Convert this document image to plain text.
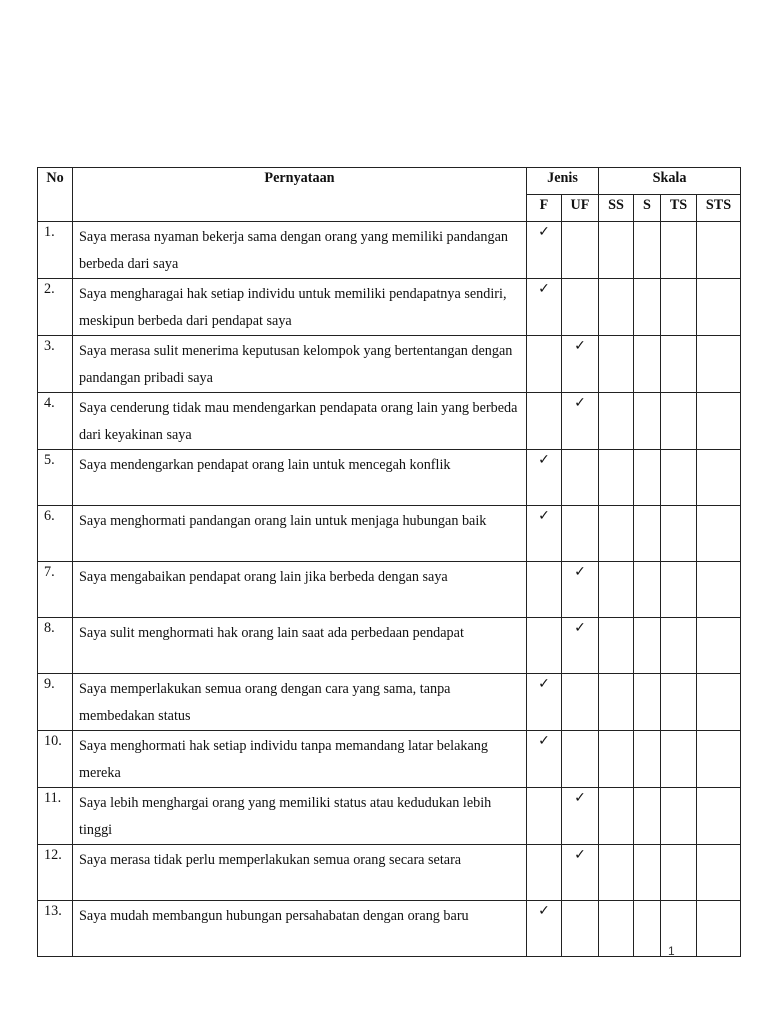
No	Pernyataan	Jenis		Skala			
		F	UF	SS	S	TS	STS
1.	Saya merasa nyaman bekerja sama dengan orang yang memiliki pandangan berbeda dari saya	✓					
2.	Saya mengharagai hak setiap individu untuk memiliki pendapatnya sendiri, meskipun berbeda dari pendapat saya	✓					
3.	Saya merasa sulit menerima keputusan kelompok yang bertentangan dengan pandangan pribadi saya		✓				
4.	Saya cenderung tidak mau mendengarkan pendapata orang lain yang berbeda dari keyakinan saya		✓				
5.	Saya mendengarkan pendapat orang lain untuk mencegah konflik	✓					
6.	Saya menghormati pandangan orang lain untuk menjaga hubungan baik	✓					
7.	Saya mengabaikan pendapat orang lain jika berbeda dengan saya		✓				
8.	Saya sulit menghormati hak orang lain saat ada perbedaan pendapat		✓				
9.	Saya memperlakukan semua orang dengan cara yang sama, tanpa membedakan status	✓					
10.	Saya menghormati hak setiap individu tanpa memandang latar belakang mereka	✓					
11.	Saya lebih menghargai orang yang memiliki status atau kedudukan lebih tinggi		✓				
12.	Saya merasa tidak perlu memperlakukan semua orang secara setara		✓				
13.	Saya mudah membangun hubungan persahabatan dengan orang baru	✓					
1
